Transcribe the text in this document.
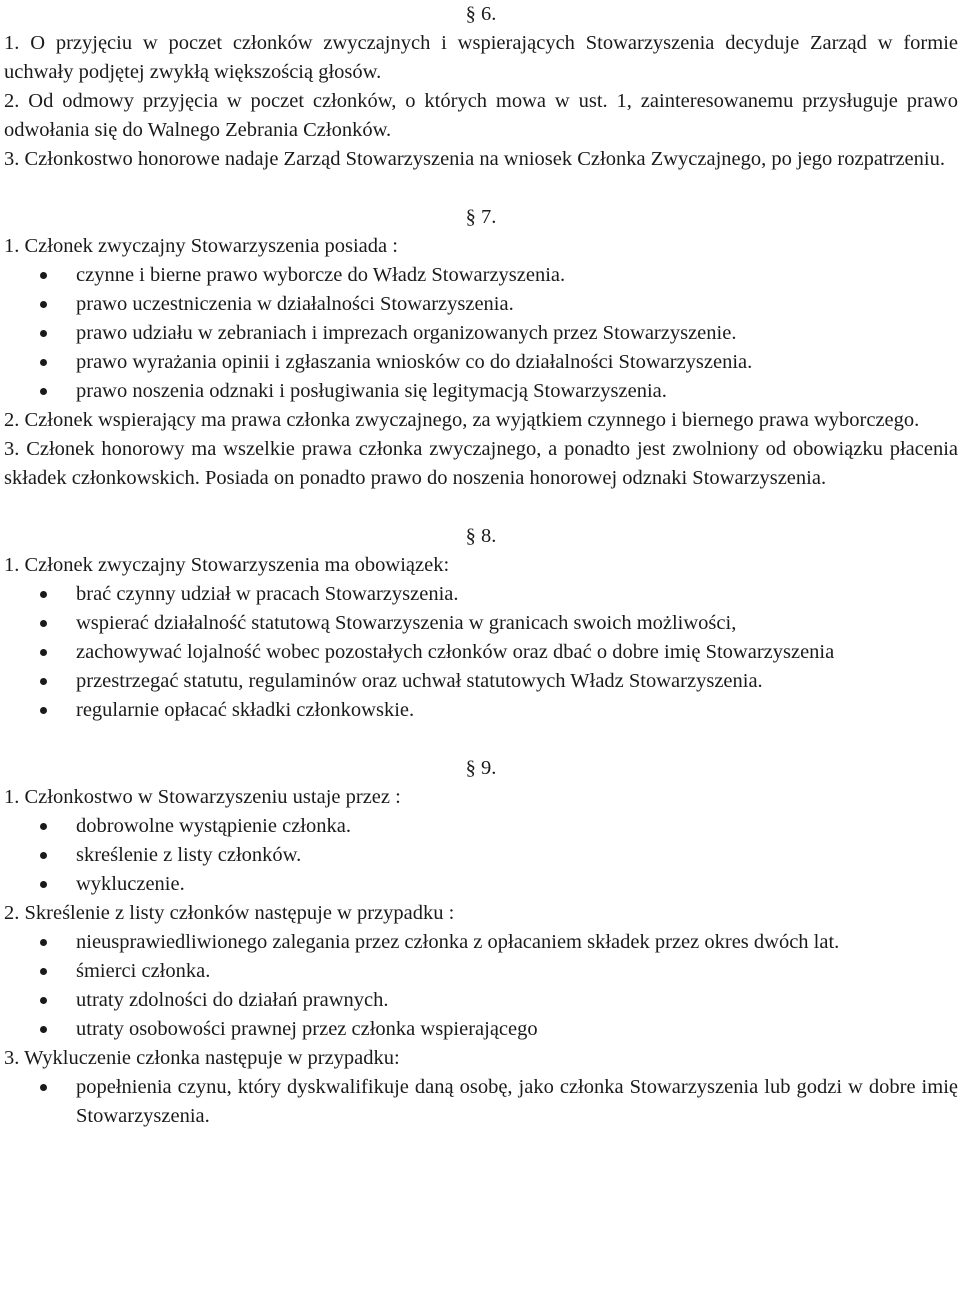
§ 6.
1. O przyjęciu w poczet członków zwyczajnych i wspierających Stowarzyszenia decyduje Zarząd w formie uchwały podjętej zwykłą większością głosów.
2. Od odmowy przyjęcia w poczet członków, o których mowa w ust. 1, zainteresowanemu przysługuje prawo odwołania się do Walnego Zebrania Członków.
3. Członkostwo honorowe nadaje Zarząd Stowarzyszenia na wniosek Członka Zwyczajnego, po jego rozpatrzeniu.
§ 7.
1. Członek zwyczajny Stowarzyszenia posiada :
czynne i bierne prawo wyborcze do Władz Stowarzyszenia.
prawo uczestniczenia w działalności Stowarzyszenia.
prawo udziału w zebraniach i imprezach organizowanych przez Stowarzyszenie.
prawo wyrażania opinii i zgłaszania wniosków co do działalności Stowarzyszenia.
prawo noszenia odznaki i posługiwania się legitymacją Stowarzyszenia.
2. Członek wspierający ma prawa członka zwyczajnego, za wyjątkiem czynnego i biernego prawa wyborczego.
3. Członek honorowy ma wszelkie prawa członka zwyczajnego, a ponadto jest zwolniony od obowiązku płacenia składek członkowskich. Posiada on ponadto prawo do noszenia honorowej odznaki Stowarzyszenia.
§ 8.
1. Członek zwyczajny Stowarzyszenia ma obowiązek:
brać czynny udział w pracach Stowarzyszenia.
wspierać działalność statutową Stowarzyszenia w granicach swoich możliwości,
zachowywać lojalność wobec pozostałych członków oraz dbać o dobre imię Stowarzyszenia
przestrzegać statutu, regulaminów oraz uchwał statutowych Władz Stowarzyszenia.
regularnie opłacać składki członkowskie.
§ 9.
1. Członkostwo w Stowarzyszeniu ustaje przez :
dobrowolne wystąpienie członka.
skreślenie z listy członków.
wykluczenie.
2. Skreślenie z listy członków następuje w przypadku :
nieusprawiedliwionego zalegania przez członka z opłacaniem składek przez okres dwóch lat.
śmierci członka.
utraty zdolności do działań prawnych.
utraty osobowości prawnej przez członka wspierającego
3. Wykluczenie członka następuje w przypadku:
popełnienia czynu, który dyskwalifikuje daną osobę, jako członka Stowarzyszenia lub godzi w dobre imię Stowarzyszenia.
